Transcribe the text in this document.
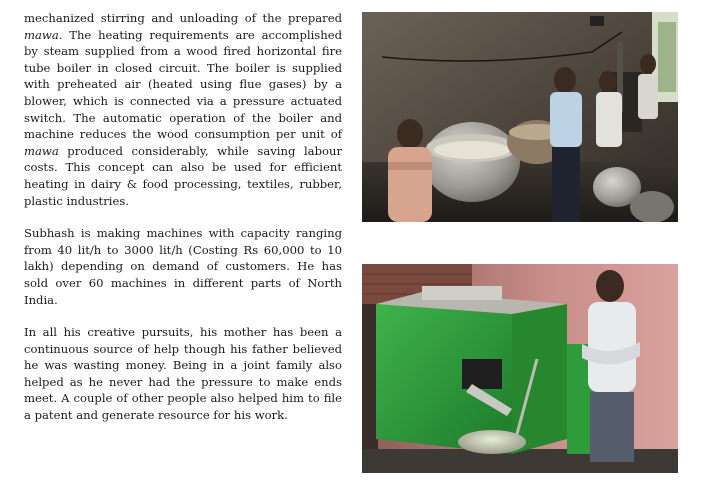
mechanized stirring and unloading of the prepared mawa. The heating requirements are accomplished by steam supplied from a wood fired horizontal fire tube boiler in closed circuit. The boiler is supplied with preheated air (heated using flue gases) by a blower, which is connected via a pressure actuated switch. The automatic operation of the boiler and machine reduces the wood consumption per unit of mawa produced considerably, while saving labour costs. This concept can also be used for efficient heating in dairy & food processing, textiles, rubber, plastic industries.

Subhash is making machines with capacity ranging from 40 lit/h to 3000 lit/h (Costing Rs 60,000 to 10 lakh) depending on demand of customers. He has sold over 60 machines in different parts of North India.

In all his creative pursuits, his mother has been a continuous source of help though his father believed he was wasting money. Being in a joint family also helped as he never had the pressure to make ends meet. A couple of other people also helped him to file a patent and generate resource for his work.
